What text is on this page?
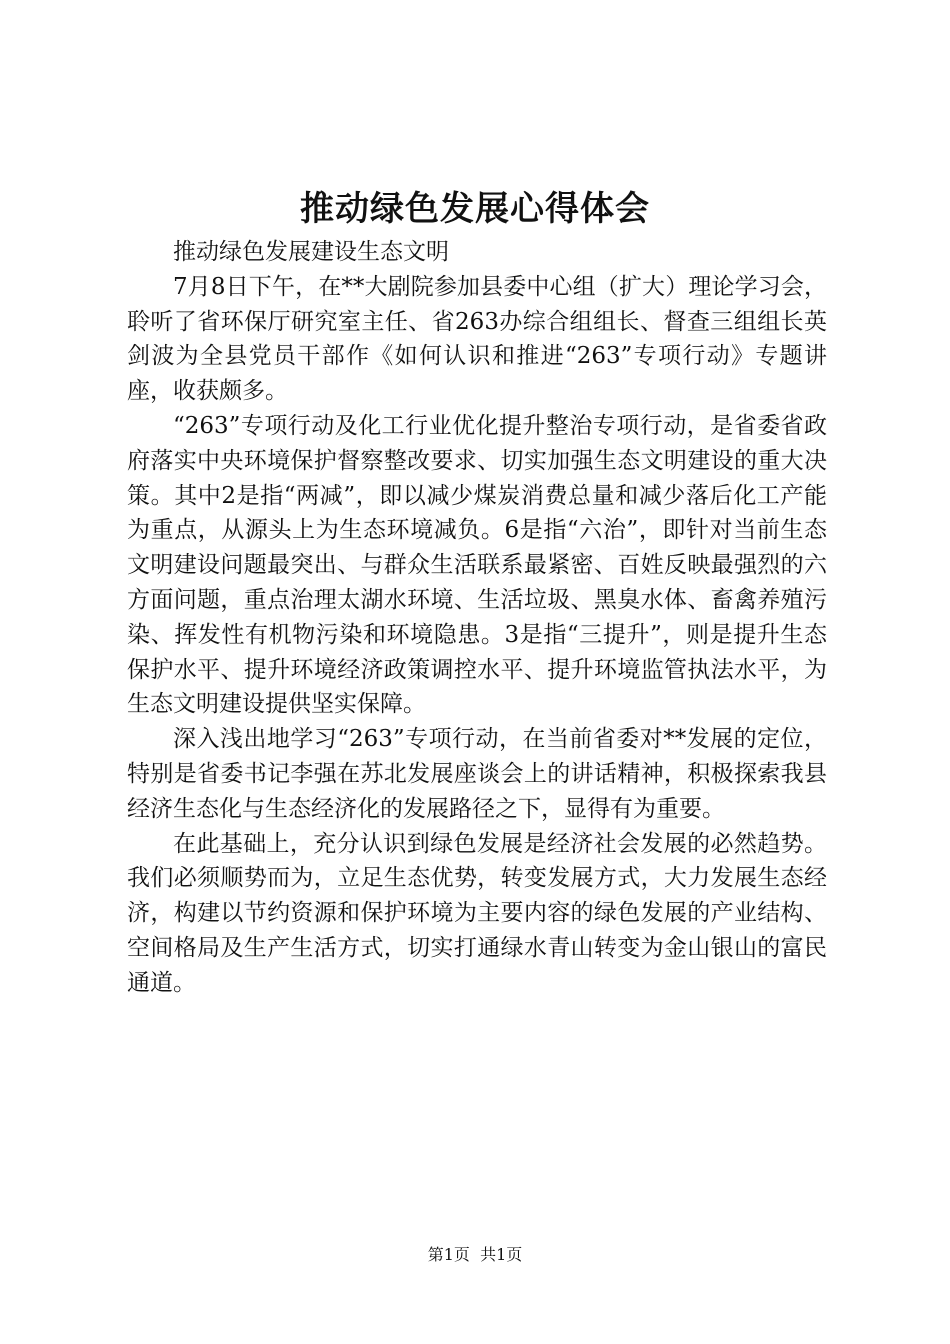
推动绿色发展心得体会

推动绿色发展建设生态文明

7月8日下午，在**大剧院参加县委中心组（扩大）理论学习会，聆听了省环保厅研究室主任、省263办综合组组长、督查三组组长英剑波为全县党员干部作《如何认识和推进“263”专项行动》专题讲座，收获颇多。

“263”专项行动及化工行业优化提升整治专项行动，是省委省政府落实中央环境保护督察整改要求、切实加强生态文明建设的重大决策。其中2是指“两减”，即以减少煤炭消费总量和减少落后化工产能为重点，从源头上为生态环境减负。6是指“六治”，即针对当前生态文明建设问题最突出、与群众生活联系最紧密、百姓反映最强烈的六方面问题，重点治理太湖水环境、生活垃圾、黑臭水体、畜禽养殖污染、挥发性有机物污染和环境隐患。3是指“三提升”，则是提升生态保护水平、提升环境经济政策调控水平、提升环境监管执法水平，为生态文明建设提供坚实保障。

深入浅出地学习“263”专项行动，在当前省委对**发展的定位，特别是省委书记李强在苏北发展座谈会上的讲话精神，积极探索我县经济生态化与生态经济化的发展路径之下，显得有为重要。

在此基础上，充分认识到绿色发展是经济社会发展的必然趋势。我们必须顺势而为，立足生态优势，转变发展方式，大力发展生态经济，构建以节约资源和保护环境为主要内容的绿色发展的产业结构、空间格局及生产生活方式，切实打通绿水青山转变为金山银山的富民通道。

第1页  共1页
